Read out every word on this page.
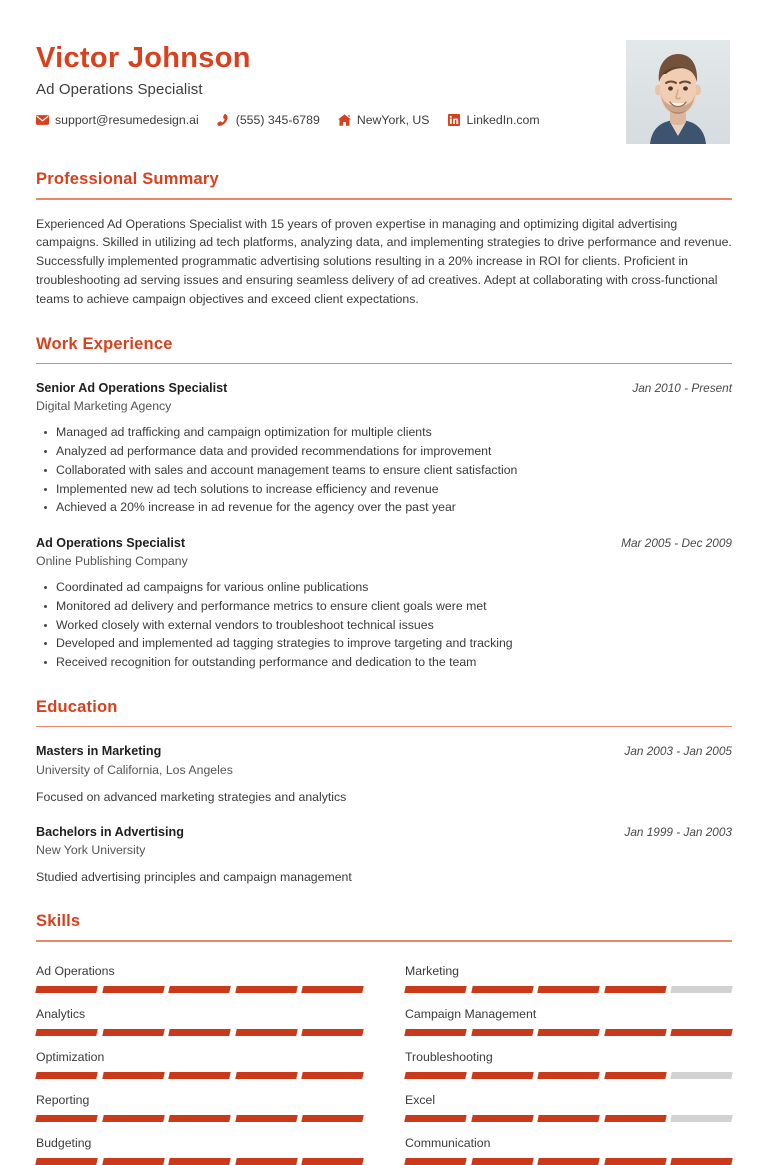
Victor Johnson
Ad Operations Specialist
support@resumedesign.ai	(555) 345-6789	NewYork, US	LinkedIn.com
Professional Summary

Experienced Ad Operations Specialist with 15 years of proven expertise in managing and optimizing digital advertising campaigns. Skilled in utilizing ad tech platforms, analyzing data, and implementing strategies to drive performance and revenue. Successfully implemented programmatic advertising solutions resulting in a 20% increase in ROI for clients. Proficient in troubleshooting ad serving issues and ensuring seamless delivery of ad creatives. Adept at collaborating with cross-functional teams to achieve campaign objectives and exceed client expectations.

Work Experience
Senior Ad Operations Specialist
Digital Marketing Agency
Jan 2010 - Present
Managed ad trafficking and campaign optimization for multiple clients
Analyzed ad performance data and provided recommendations for improvement
Collaborated with sales and account management teams to ensure client satisfaction
Implemented new ad tech solutions to increase efficiency and revenue
Achieved a 20% increase in ad revenue for the agency over the past year
Ad Operations Specialist
Online Publishing Company
Mar 2005 - Dec 2009
Coordinated ad campaigns for various online publications
Monitored ad delivery and performance metrics to ensure client goals were met
Worked closely with external vendors to troubleshoot technical issues
Developed and implemented ad tagging strategies to improve targeting and tracking
Received recognition for outstanding performance and dedication to the team
Education
Masters in Marketing
University of California, Los Angeles
Jan 2003 - Jan 2005
Focused on advanced marketing strategies and analytics
Bachelors in Advertising
New York University
Jan 1999 - Jan 2003
Studied advertising principles and campaign management
Skills
Ad Operations	Marketing
Analytics	Campaign Management
Optimization	Troubleshooting
Reporting	Excel
Budgeting	Communication
